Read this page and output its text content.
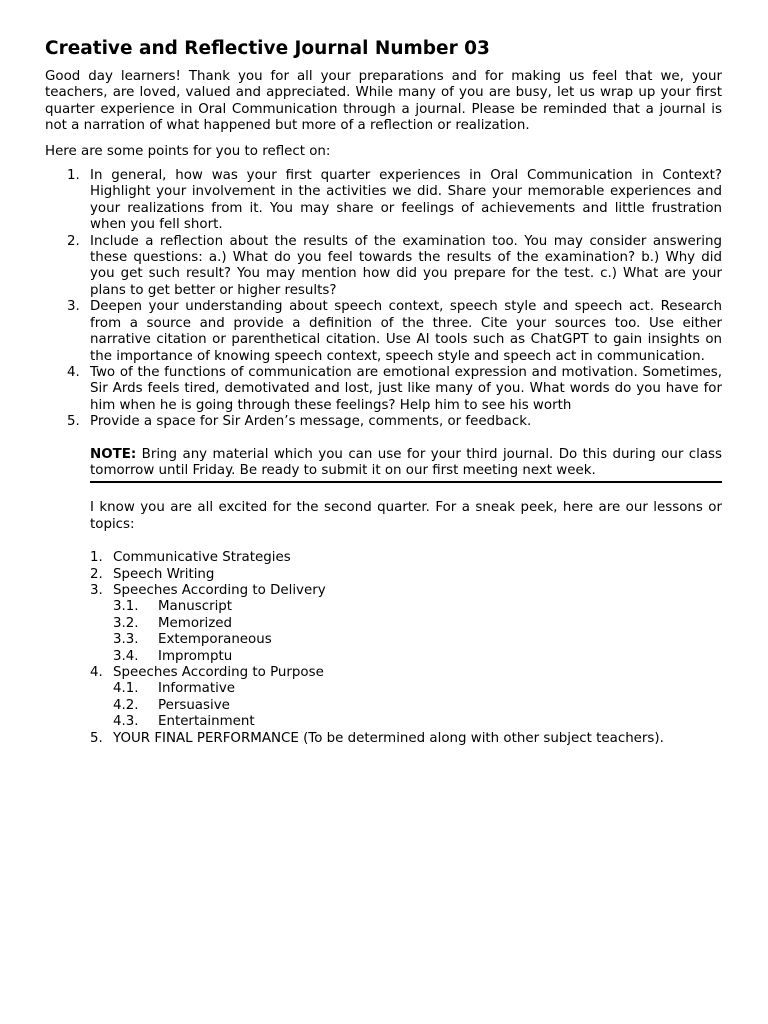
Creative and Reflective Journal Number 03

Good day learners! Thank you for all your preparations and for making us feel that we, your teachers, are loved, valued and appreciated. While many of you are busy, let us wrap up your first quarter experience in Oral Communication through a journal. Please be reminded that a journal is not a narration of what happened but more of a reflection or realization.

Here are some points for you to reflect on:

1. In general, how was your first quarter experiences in Oral Communication in Context? Highlight your involvement in the activities we did. Share your memorable experiences and your realizations from it. You may share or feelings of achievements and little frustration when you fell short.
2. Include a reflection about the results of the examination too. You may consider answering these questions: a.) What do you feel towards the results of the examination? b.) Why did you get such result? You may mention how did you prepare for the test. c.) What are your plans to get better or higher results?
3. Deepen your understanding about speech context, speech style and speech act. Research from a source and provide a definition of the three. Cite your sources too. Use either narrative citation or parenthetical citation. Use AI tools such as ChatGPT to gain insights on the importance of knowing speech context, speech style and speech act in communication.
4. Two of the functions of communication are emotional expression and motivation. Sometimes, Sir Ards feels tired, demotivated and lost, just like many of you. What words do you have for him when he is going through these feelings? Help him to see his worth
5. Provide a space for Sir Arden’s message, comments, or feedback.

NOTE: Bring any material which you can use for your third journal. Do this during our class tomorrow until Friday. Be ready to submit it on our first meeting next week.

I know you are all excited for the second quarter. For a sneak peek, here are our lessons or topics:

1. Communicative Strategies
2. Speech Writing
3. Speeches According to Delivery
3.1. Manuscript
3.2. Memorized
3.3. Extemporaneous
3.4. Impromptu
4. Speeches According to Purpose
4.1. Informative
4.2. Persuasive
4.3. Entertainment
5. YOUR FINAL PERFORMANCE (To be determined along with other subject teachers).
